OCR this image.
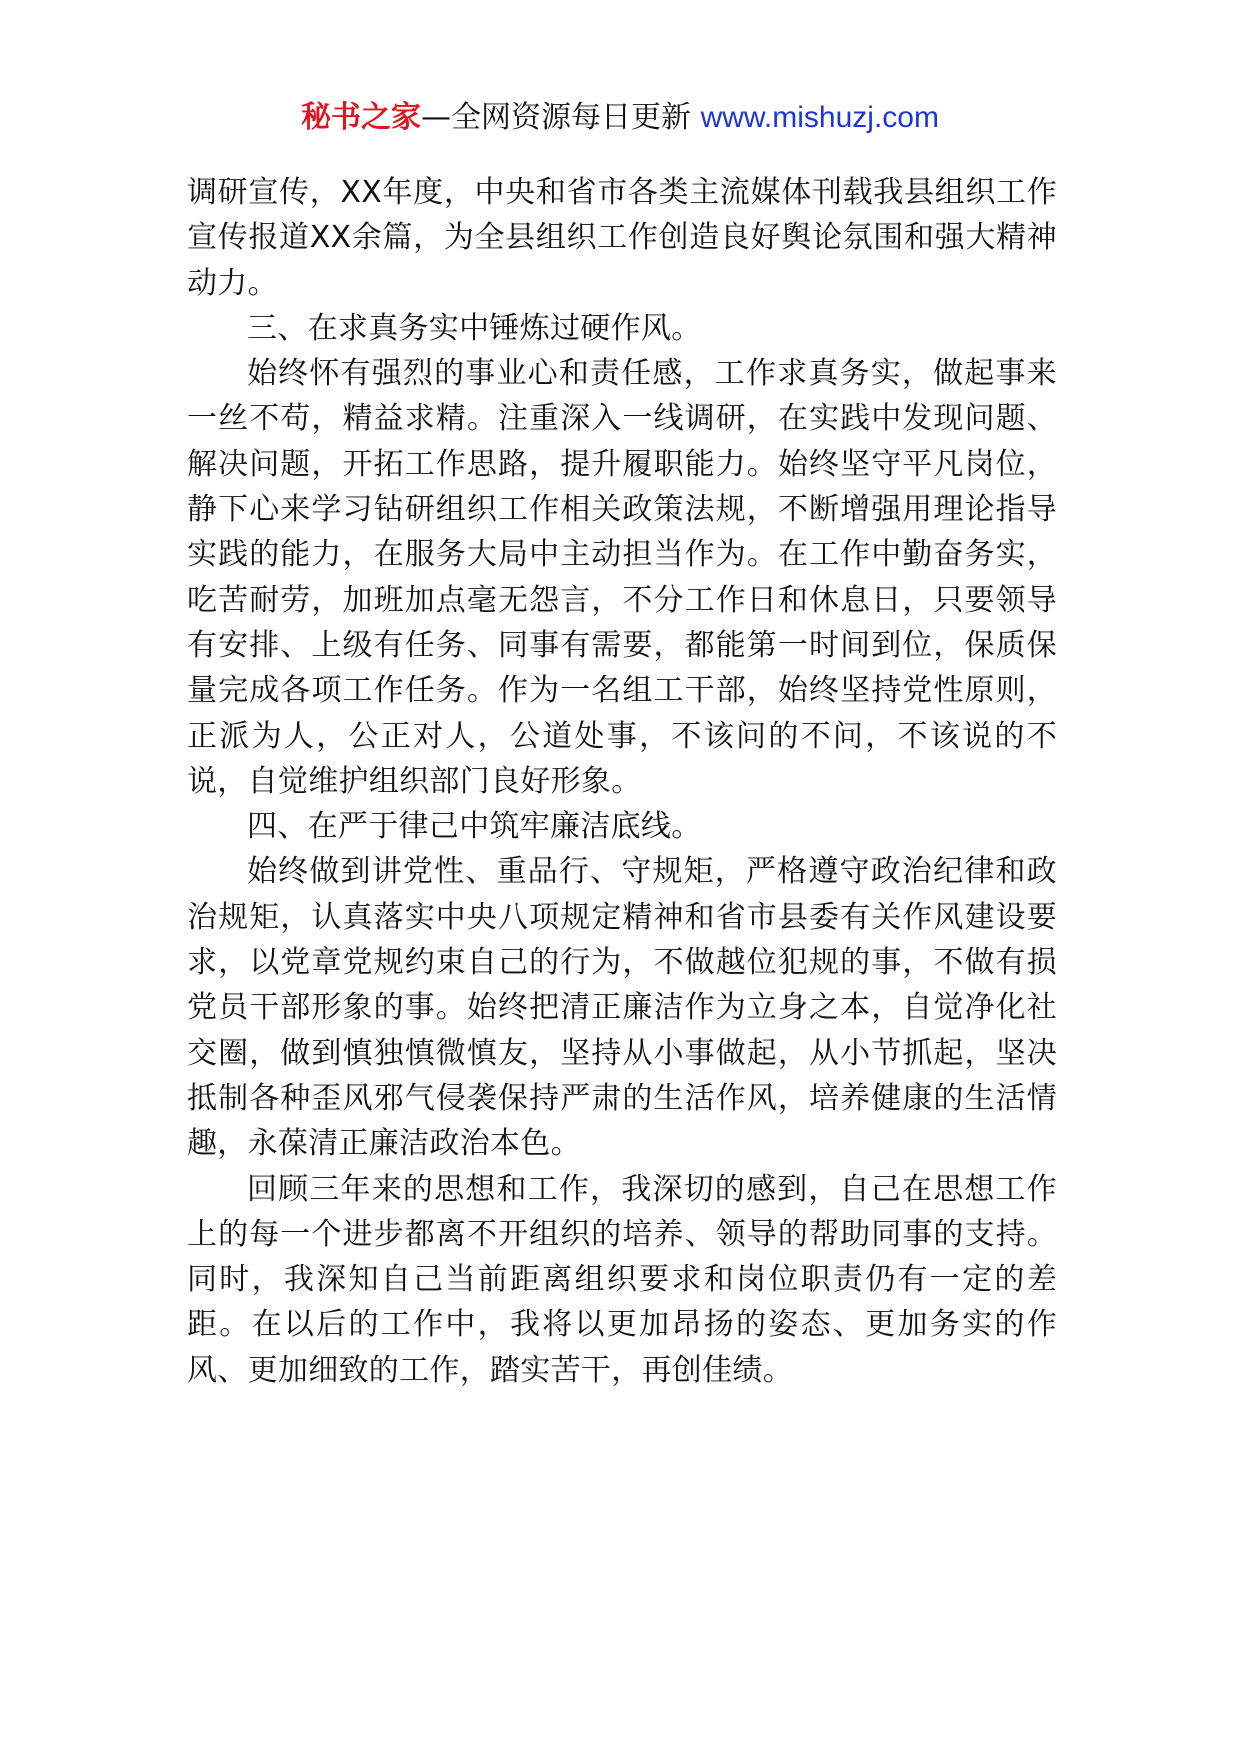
秘书之家—全网资源每日更新 www.mishuzj.com

调研宣传，XX年度，中央和省市各类主流媒体刊载我县组织工作宣传报道XX余篇，为全县组织工作创造良好舆论氛围和强大精神动力。

三、在求真务实中锤炼过硬作风。

始终怀有强烈的事业心和责任感，工作求真务实，做起事来一丝不苟，精益求精。注重深入一线调研，在实践中发现问题、解决问题，开拓工作思路，提升履职能力。始终坚守平凡岗位，静下心来学习钻研组织工作相关政策法规，不断增强用理论指导实践的能力，在服务大局中主动担当作为。在工作中勤奋务实，吃苦耐劳，加班加点毫无怨言，不分工作日和休息日，只要领导有安排、上级有任务、同事有需要，都能第一时间到位，保质保量完成各项工作任务。作为一名组工干部，始终坚持党性原则，正派为人，公正对人，公道处事，不该问的不问，不该说的不说，自觉维护组织部门良好形象。

四、在严于律己中筑牢廉洁底线。

始终做到讲党性、重品行、守规矩，严格遵守政治纪律和政治规矩，认真落实中央八项规定精神和省市县委有关作风建设要求，以党章党规约束自己的行为，不做越位犯规的事，不做有损党员干部形象的事。始终把清正廉洁作为立身之本，自觉净化社交圈，做到慎独慎微慎友，坚持从小事做起，从小节抓起，坚决抵制各种歪风邪气侵袭保持严肃的生活作风，培养健康的生活情趣，永葆清正廉洁政治本色。

回顾三年来的思想和工作，我深切的感到，自己在思想工作上的每一个进步都离不开组织的培养、领导的帮助同事的支持。同时，我深知自己当前距离组织要求和岗位职责仍有一定的差距。在以后的工作中，我将以更加昂扬的姿态、更加务实的作风、更加细致的工作，踏实苦干，再创佳绩。
